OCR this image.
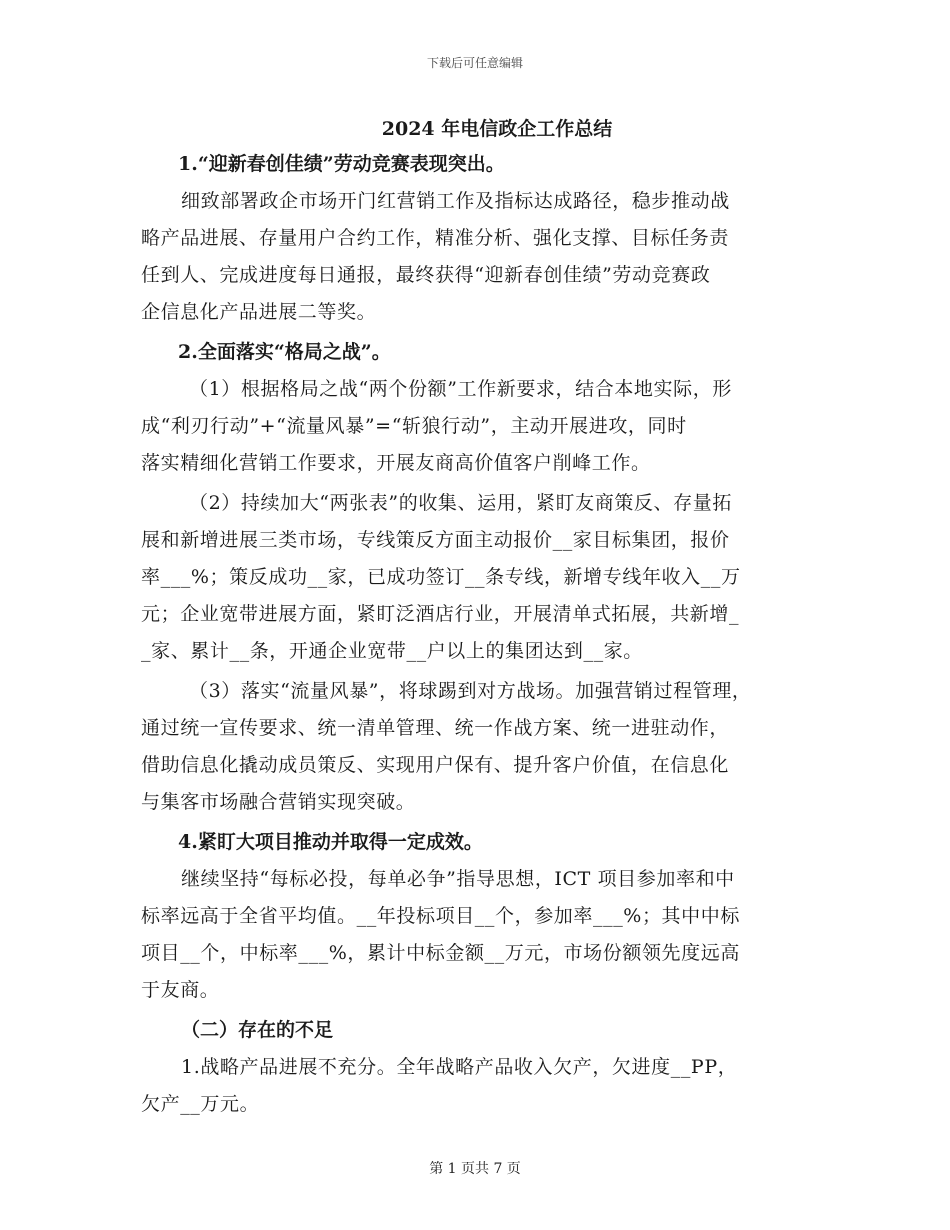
下载后可任意编辑
2024 年电信政企工作总结
1.“迎新春创佳绩”劳动竞赛表现突出。
细致部署政企市场开门红营销工作及指标达成路径，稳步推动战
略产品进展、存量用户合约工作，精准分析、强化支撑、目标任务责
任到人、完成进度每日通报，最终获得“迎新春创佳绩”劳动竞赛政
企信息化产品进展二等奖。
2.全面落实“格局之战”。
（1）根据格局之战“两个份额”工作新要求，结合本地实际，形
成“利刃行动”+“流量风暴”=“斩狼行动”，主动开展进攻，同时
落实精细化营销工作要求，开展友商高价值客户削峰工作。
（2）持续加大“两张表”的收集、运用，紧盯友商策反、存量拓
展和新增进展三类市场，专线策反方面主动报价__家目标集团，报价
率___%；策反成功__家，已成功签订__条专线，新增专线年收入__万
元；企业宽带进展方面，紧盯泛酒店行业，开展清单式拓展，共新增_
_家、累计__条，开通企业宽带__户以上的集团达到__家。
（3）落实“流量风暴”，将球踢到对方战场。加强营销过程管理，
通过统一宣传要求、统一清单管理、统一作战方案、统一进驻动作，
借助信息化撬动成员策反、实现用户保有、提升客户价值，在信息化
与集客市场融合营销实现突破。
4.紧盯大项目推动并取得一定成效。
继续坚持“每标必投，每单必争”指导思想，ICT 项目参加率和中
标率远高于全省平均值。__年投标项目__个，参加率___%；其中中标
项目__个，中标率___%，累计中标金额__万元，市场份额领先度远高
于友商。
（二）存在的不足
1.战略产品进展不充分。全年战略产品收入欠产，欠进度__PP，
欠产__万元。
第 1 页共 7 页
